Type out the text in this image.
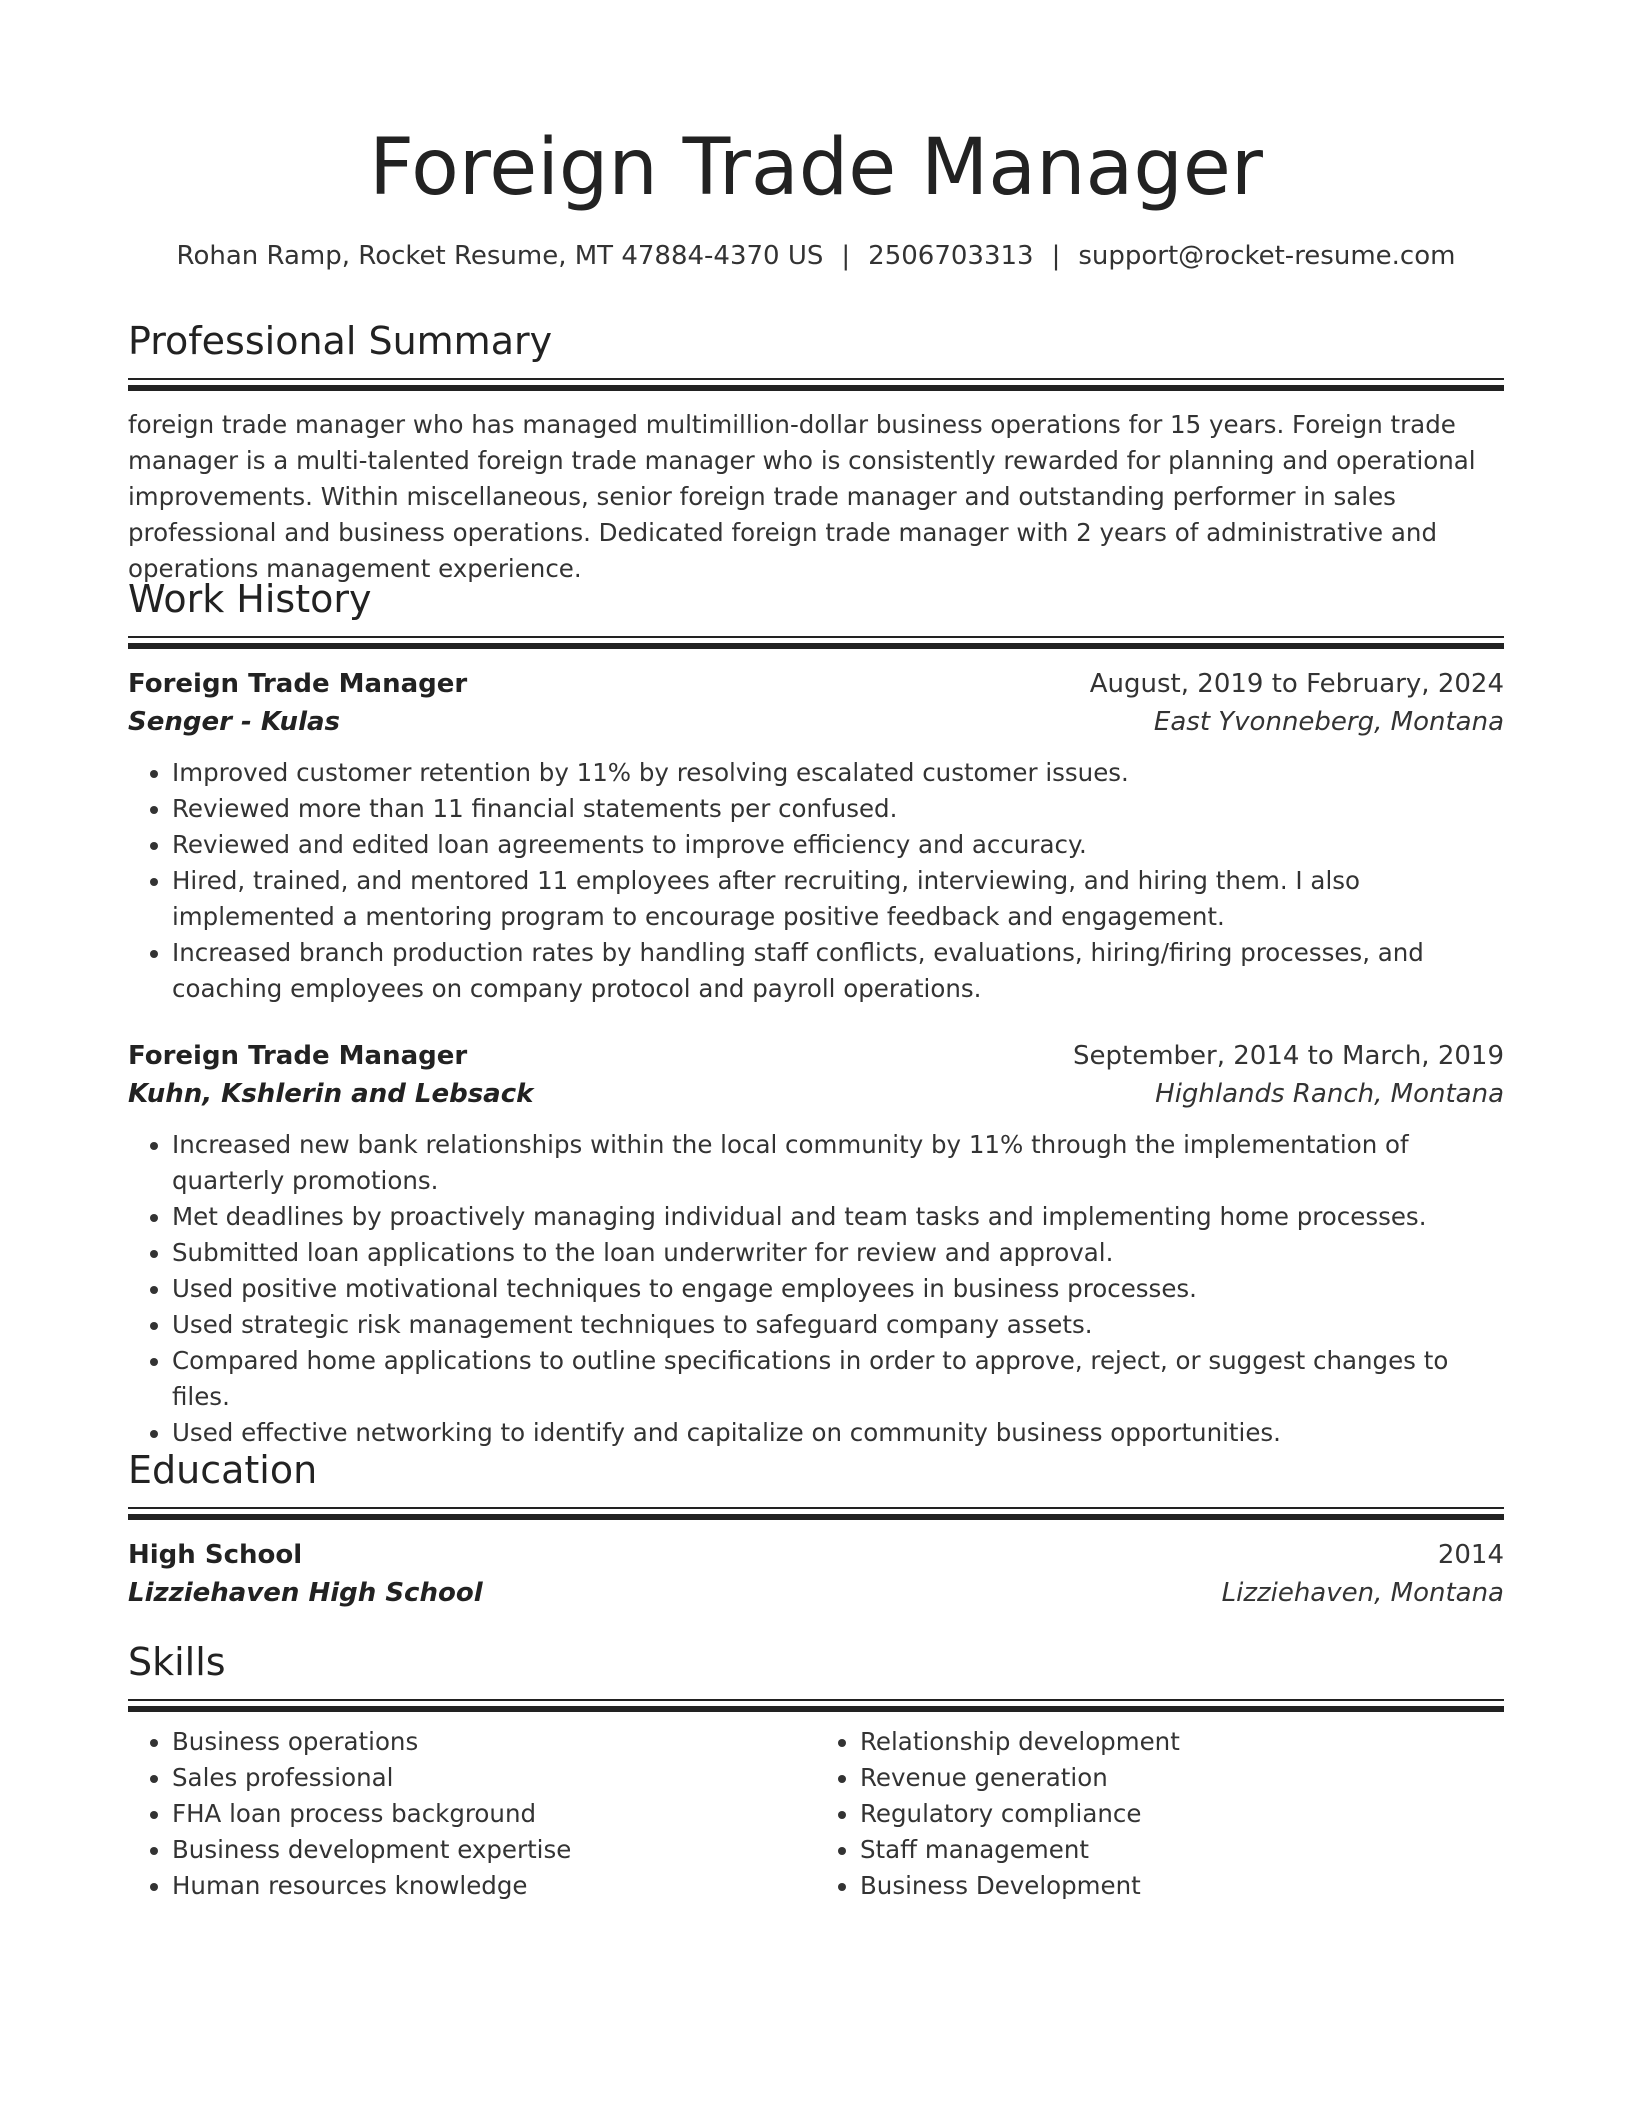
Foreign Trade Manager
Rohan Ramp, Rocket Resume, MT 47884-4370 US | 2506703313 | support@rocket-resume.com
Professional Summary

foreign trade manager who has managed multimillion-dollar business operations for 15 years. Foreign trade manager is a multi-talented foreign trade manager who is consistently rewarded for planning and operational improvements. Within miscellaneous, senior foreign trade manager and outstanding performer in sales professional and business operations. Dedicated foreign trade manager with 2 years of administrative and operations management experience.

Work History
Foreign Trade Manager	August, 2019 to February, 2024
Senger - Kulas	East Yvonneberg, Montana
• Improved customer retention by 11% by resolving escalated customer issues.
• Reviewed more than 11 financial statements per confused.
• Reviewed and edited loan agreements to improve efficiency and accuracy.
• Hired, trained, and mentored 11 employees after recruiting, interviewing, and hiring them. I also implemented a mentoring program to encourage positive feedback and engagement.
• Increased branch production rates by handling staff conflicts, evaluations, hiring/firing processes, and coaching employees on company protocol and payroll operations.
Foreign Trade Manager	September, 2014 to March, 2019
Kuhn, Kshlerin and Lebsack	Highlands Ranch, Montana
• Increased new bank relationships within the local community by 11% through the implementation of quarterly promotions.
• Met deadlines by proactively managing individual and team tasks and implementing home processes.
• Submitted loan applications to the loan underwriter for review and approval.
• Used positive motivational techniques to engage employees in business processes.
• Used strategic risk management techniques to safeguard company assets.
• Compared home applications to outline specifications in order to approve, reject, or suggest changes to files.
• Used effective networking to identify and capitalize on community business opportunities.
Education
High School	2014
Lizziehaven High School	Lizziehaven, Montana
Skills
• Business operations
• Sales professional
• FHA loan process background
• Business development expertise
• Human resources knowledge
• Relationship development
• Revenue generation
• Regulatory compliance
• Staff management
• Business Development
